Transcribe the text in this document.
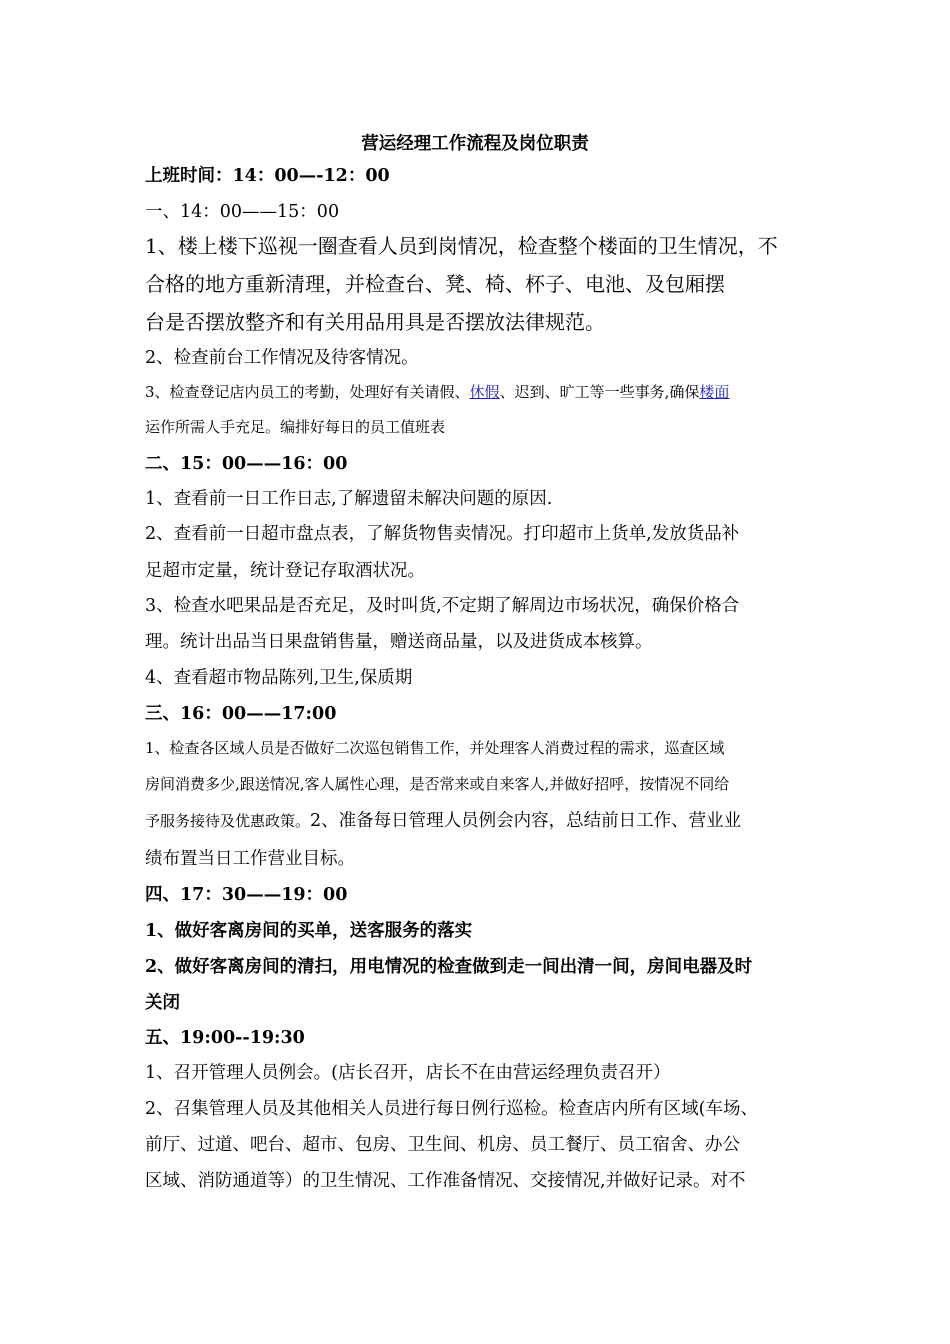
营运经理工作流程及岗位职责
上班时间：14：00—-12：00
一、14：00——15：00
1、楼上楼下巡视一圈查看人员到岗情况，检查整个楼面的卫生情况，不
合格的地方重新清理，并检查台、凳、椅、杯子、电池、及包厢摆
台是否摆放整齐和有关用品用具是否摆放法律规范。
2、检查前台工作情况及待客情况。
3、检查登记店内员工的考勤，处理好有关请假、休假、迟到、旷工等一些事务,确保楼面
运作所需人手充足。编排好每日的员工值班表
二、15：00——16：00
1、查看前一日工作日志,了解遗留未解决问题的原因.
2、查看前一日超市盘点表，了解货物售卖情况。打印超市上货单,发放货品补
足超市定量，统计登记存取酒状况。
3、检查水吧果品是否充足，及时叫货,不定期了解周边市场状况，确保价格合
理。统计出品当日果盘销售量，赠送商品量，以及进货成本核算。
4、查看超市物品陈列,卫生,保质期
三、16：00——17:00
1、检查各区域人员是否做好二次巡包销售工作，并处理客人消费过程的需求，巡查区域
房间消费多少,跟送情况,客人属性心理，是否常来或自来客人,并做好招呼，按情况不同给
予服务接待及优惠政策。2、准备每日管理人员例会内容，总结前日工作、营业业
绩布置当日工作营业目标。
四、17：30——19：00
1、做好客离房间的买单，送客服务的落实
2、做好客离房间的清扫，用电情况的检查做到走一间出清一间，房间电器及时
关闭
五、19:00--19:30
1、召开管理人员例会。(店长召开，店长不在由营运经理负责召开）
2、召集管理人员及其他相关人员进行每日例行巡检。检查店内所有区域(车场、
前厅、过道、吧台、超市、包房、卫生间、机房、员工餐厅、员工宿舍、办公
区域、消防通道等）的卫生情况、工作准备情况、交接情况,并做好记录。对不
